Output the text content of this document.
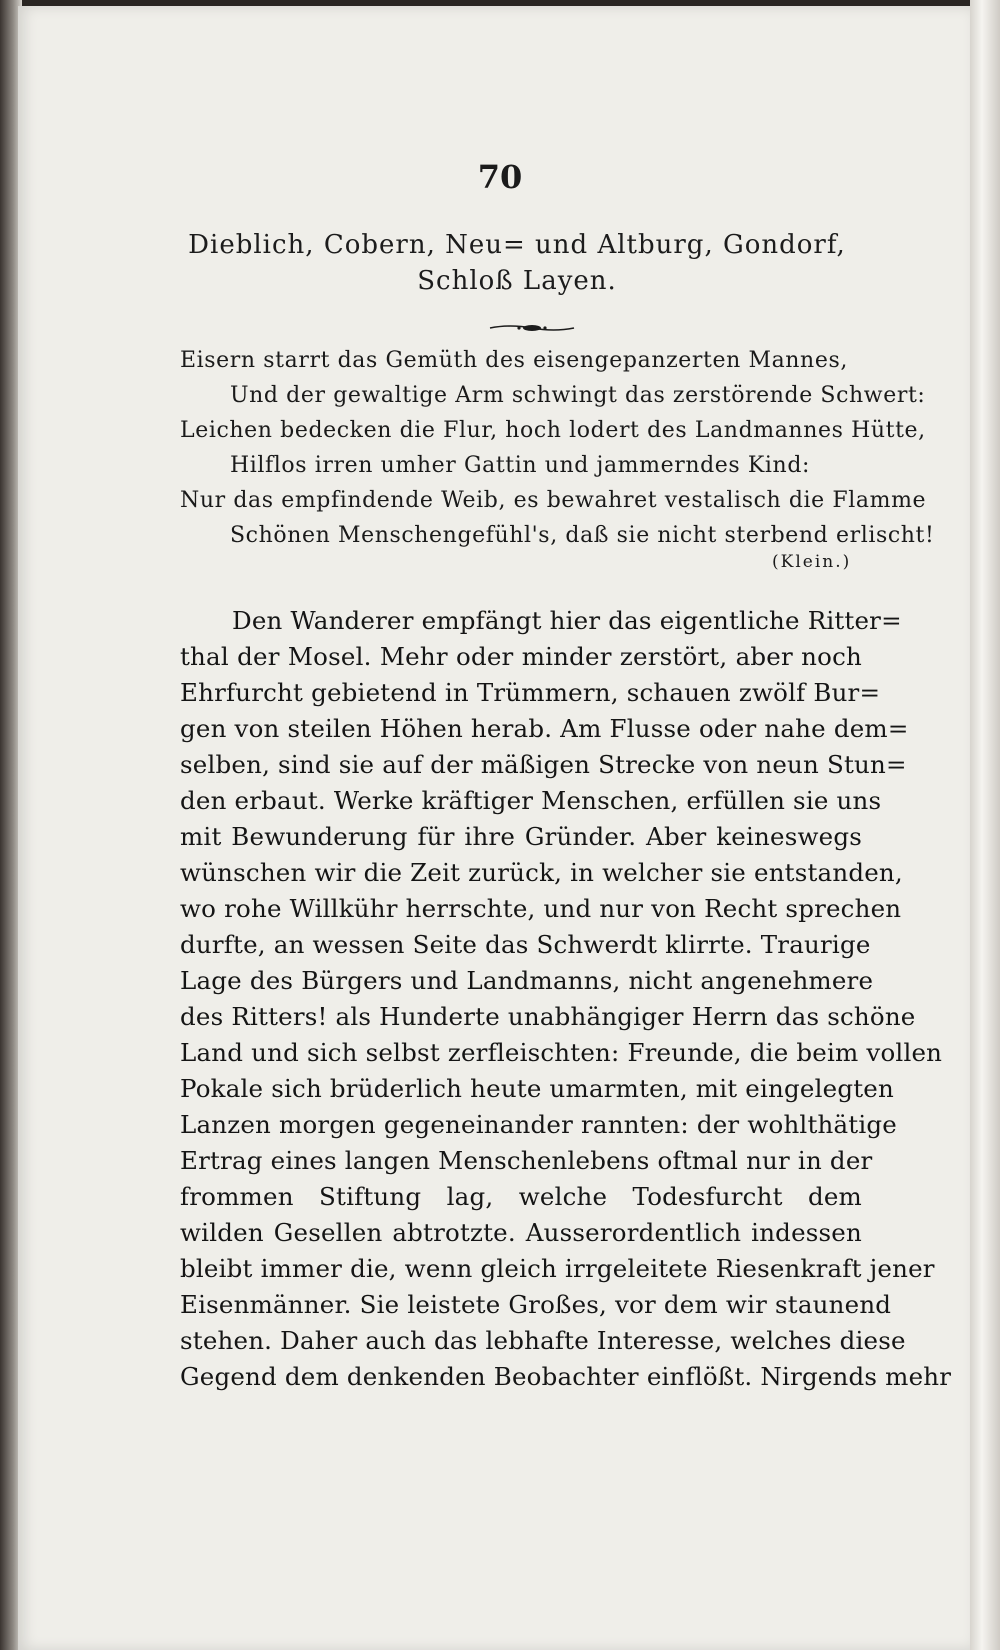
70
Dieblich, Cobern, Neu= und Altburg, Gondorf,
Schloß Layen.
Eisern starrt das Gemüth des eisengepanzerten Mannes,
Und der gewaltige Arm schwingt das zerstörende Schwert:
Leichen bedecken die Flur, hoch lodert des Landmannes Hütte,
Hilflos irren umher Gattin und jammerndes Kind:
Nur das empfindende Weib, es bewahret vestalisch die Flamme
Schönen Menschengefühl's, daß sie nicht sterbend erlischt!
(Klein.)
Den Wanderer empfängt hier das eigentliche Ritter=
thal der Mosel. Mehr oder minder zerstört, aber noch
Ehrfurcht gebietend in Trümmern, schauen zwölf Bur=
gen von steilen Höhen herab. Am Flusse oder nahe dem=
selben, sind sie auf der mäßigen Strecke von neun Stun=
den erbaut. Werke kräftiger Menschen, erfüllen sie uns
mit Bewunderung für ihre Gründer. Aber keineswegs
wünschen wir die Zeit zurück, in welcher sie entstanden,
wo rohe Willkühr herrschte, und nur von Recht sprechen
durfte, an wessen Seite das Schwerdt klirrte. Traurige
Lage des Bürgers und Landmanns, nicht angenehmere
des Ritters! als Hunderte unabhängiger Herrn das schöne
Land und sich selbst zerfleischten: Freunde, die beim vollen
Pokale sich brüderlich heute umarmten, mit eingelegten
Lanzen morgen gegeneinander rannten: der wohlthätige
Ertrag eines langen Menschenlebens oftmal nur in der
frommen Stiftung lag, welche Todesfurcht dem
wilden Gesellen abtrotzte. Ausserordentlich indessen
bleibt immer die, wenn gleich irrgeleitete Riesenkraft jener
Eisenmänner. Sie leistete Großes, vor dem wir staunend
stehen. Daher auch das lebhafte Interesse, welches diese
Gegend dem denkenden Beobachter einflößt. Nirgends mehr
